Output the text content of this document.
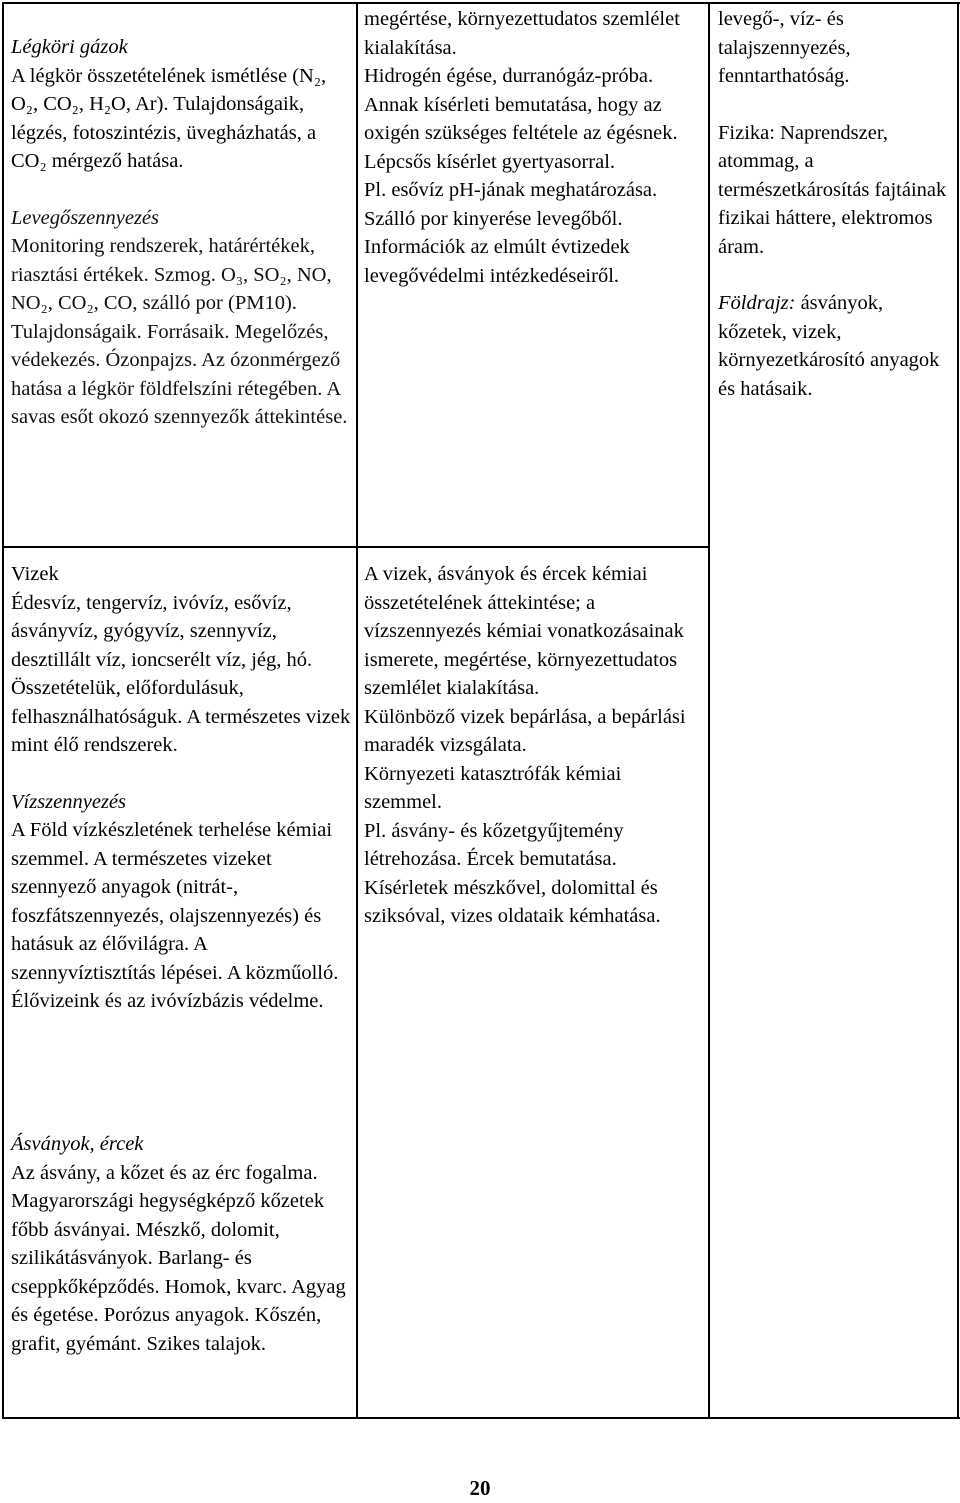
Légköri gázok
A légkör összetételének ismétlése (N₂, O₂, CO₂, H₂O, Ar). Tulajdonságaik, légzés, fotoszintézis, üvegházhatás, a CO₂ mérgező hatása.

Levegőszennyezés
Monitoring rendszerek, határértékek, riasztási értékek. Szmog. O₃, SO₂, NO, NO₂, CO₂, CO, szálló por (PM10). Tulajdonságaik. Forrásaik. Megelőzés, védekezés. Ózonpajzs. Az ózonmérgező hatása a légkör földfelszíni rétegében. A savas esőt okozó szennyezők áttekintése.

megértése, környezettudatos szemlélet kialakítása.
Hidrogén égése, durranógáz-próba.
Annak kísérleti bemutatása, hogy az oxigén szükséges feltétele az égésnek. Lépcsős kísérlet gyertyasorral.
Pl. esővíz pH-jának meghatározása. Szálló por kinyerése levegőből. Információk az elmúlt évtizedek levegővédelmi intézkedéseiről.

levegő-, víz- és talajszennyezés, fenntarthatóság.

Fizika: Naprendszer, atommag, a természetkárosítás fajtáinak fizikai háttere, elektromos áram.

Földrajz: ásványok, kőzetek, vizek, környezetkárosító anyagok és hatásaik.

Vizek
Édesvíz, tengervíz, ivóvíz, esővíz, ásványvíz, gyógyvíz, szennyvíz, desztillált víz, ioncserélt víz, jég, hó. Összetételük, előfordulásuk, felhasználhatóságuk. A természetes vizek mint élő rendszerek.

Vízszennyezés
A Föld vízkészletének terhelése kémiai szemmel. A természetes vizeket szennyező anyagok (nitrát-, foszfátszennyezés, olajszennyezés) és hatásuk az élővilágra. A szennyvíztisztítás lépései. A közműolló. Élővizeink és az ivóvízbázis védelme.

A vizek, ásványok és ércek kémiai összetételének áttekintése; a vízszennyezés kémiai vonatkozásainak ismerete, megértése, környezettudatos szemlélet kialakítása.
Különböző vizek bepárlása, a bepárlási maradék vizsgálata.
Környezeti katasztrófák kémiai szemmel.
Pl. ásvány- és kőzetgyűjtemény létrehozása. Ércek bemutatása. Kísérletek mészkővel, dolomittal és sziksóval, vizes oldataik kémhatása.

Ásványok, ércek
Az ásvány, a kőzet és az érc fogalma. Magyarországi hegységképző kőzetek főbb ásványai. Mészkő, dolomit, szilikátásványok. Barlang- és cseppkőképződés. Homok, kvarc. Agyag és égetése. Porózus anyagok. Kőszén, grafit, gyémánt. Szikes talajok.

20
